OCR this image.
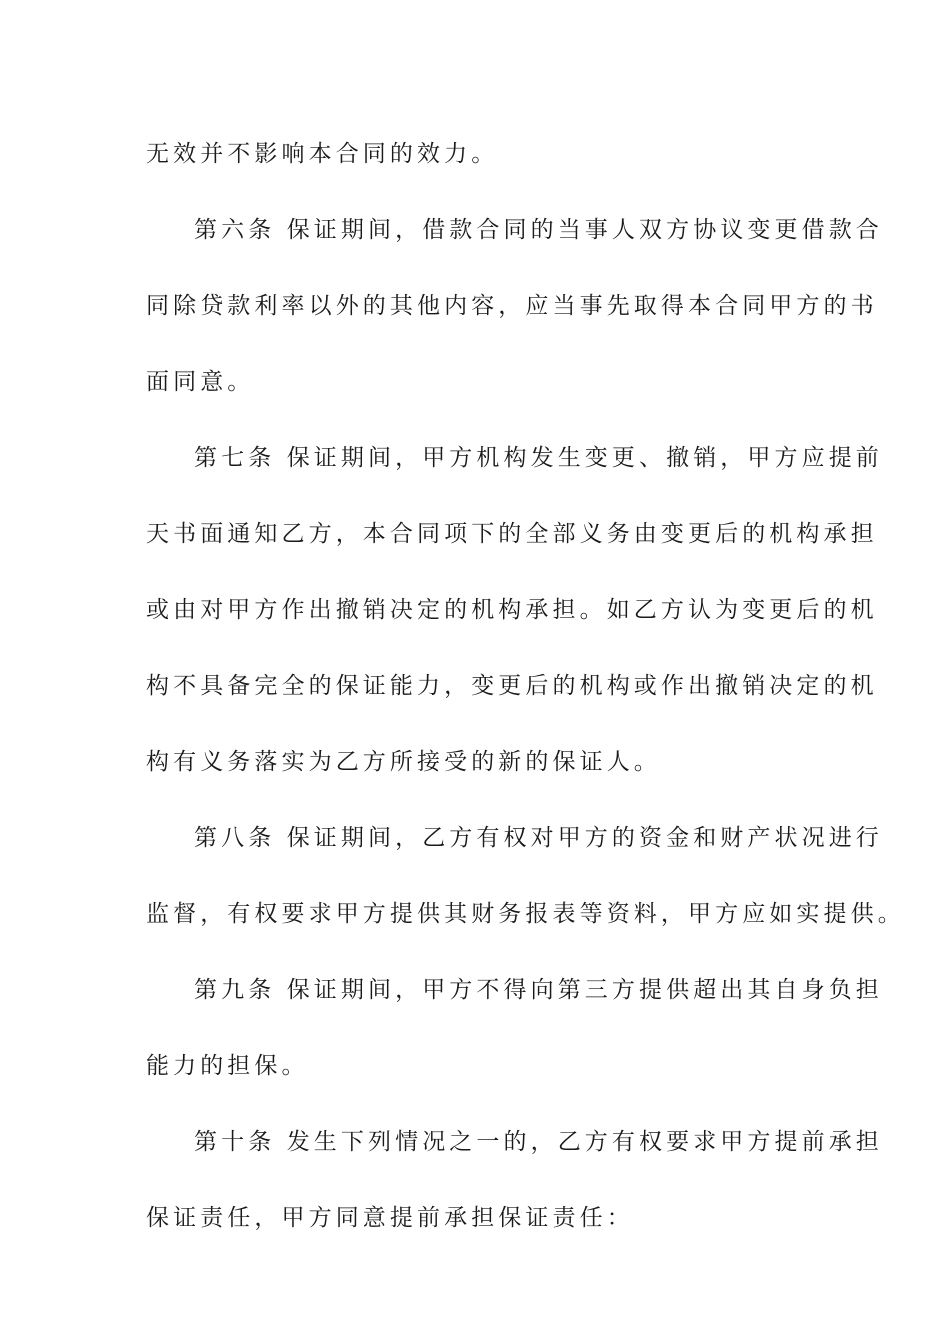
无效并不影响本合同的效力。
第六条 保证期间，借款合同的当事人双方协议变更借款合
同除贷款利率以外的其他内容，应当事先取得本合同甲方的书
面同意。
第七条 保证期间，甲方机构发生变更、撤销，甲方应提前
天书面通知乙方，本合同项下的全部义务由变更后的机构承担
或由对甲方作出撤销决定的机构承担。如乙方认为变更后的机
构不具备完全的保证能力，变更后的机构或作出撤销决定的机
构有义务落实为乙方所接受的新的保证人。
第八条 保证期间，乙方有权对甲方的资金和财产状况进行
监督，有权要求甲方提供其财务报表等资料，甲方应如实提供。
第九条 保证期间，甲方不得向第三方提供超出其自身负担
能力的担保。
第十条 发生下列情况之一的，乙方有权要求甲方提前承担
保证责任，甲方同意提前承担保证责任：
